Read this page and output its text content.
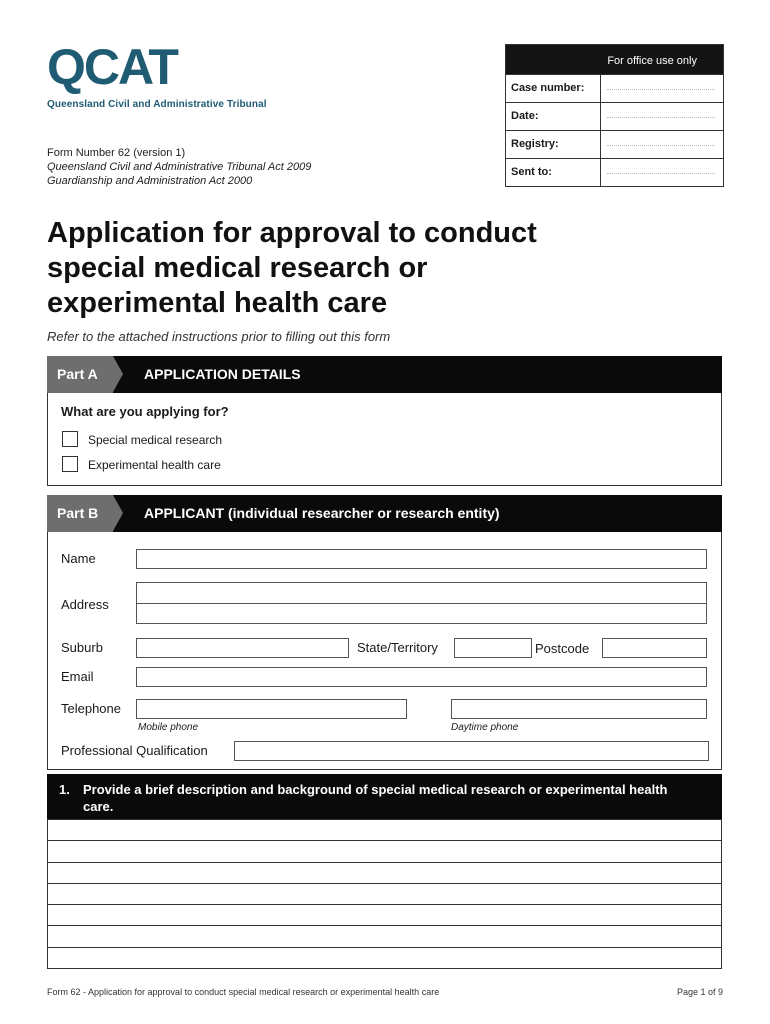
QCAT
Queensland Civil and Administrative Tribunal
Form Number 62 (version 1)
Queensland Civil and Administrative Tribunal Act 2009
Guardianship and Administration Act 2000
For office use only
Case number:
Date:
Registry:
Sent to:
Application for approval to conduct special medical research or experimental health care
Refer to the attached instructions prior to filling out this form
Part A	APPLICATION DETAILS
What are you applying for?
Special medical research
Experimental health care
Part B	APPLICANT (individual researcher or research entity)
Name
Address
Suburb	State/Territory	Postcode
Email
Telephone
Mobile phone	Daytime phone
Professional Qualification
1. Provide a brief description and background of special medical research or experimental health care.
Form 62 - Application for approval to conduct special medical research or experimental health care	Page 1 of 9
